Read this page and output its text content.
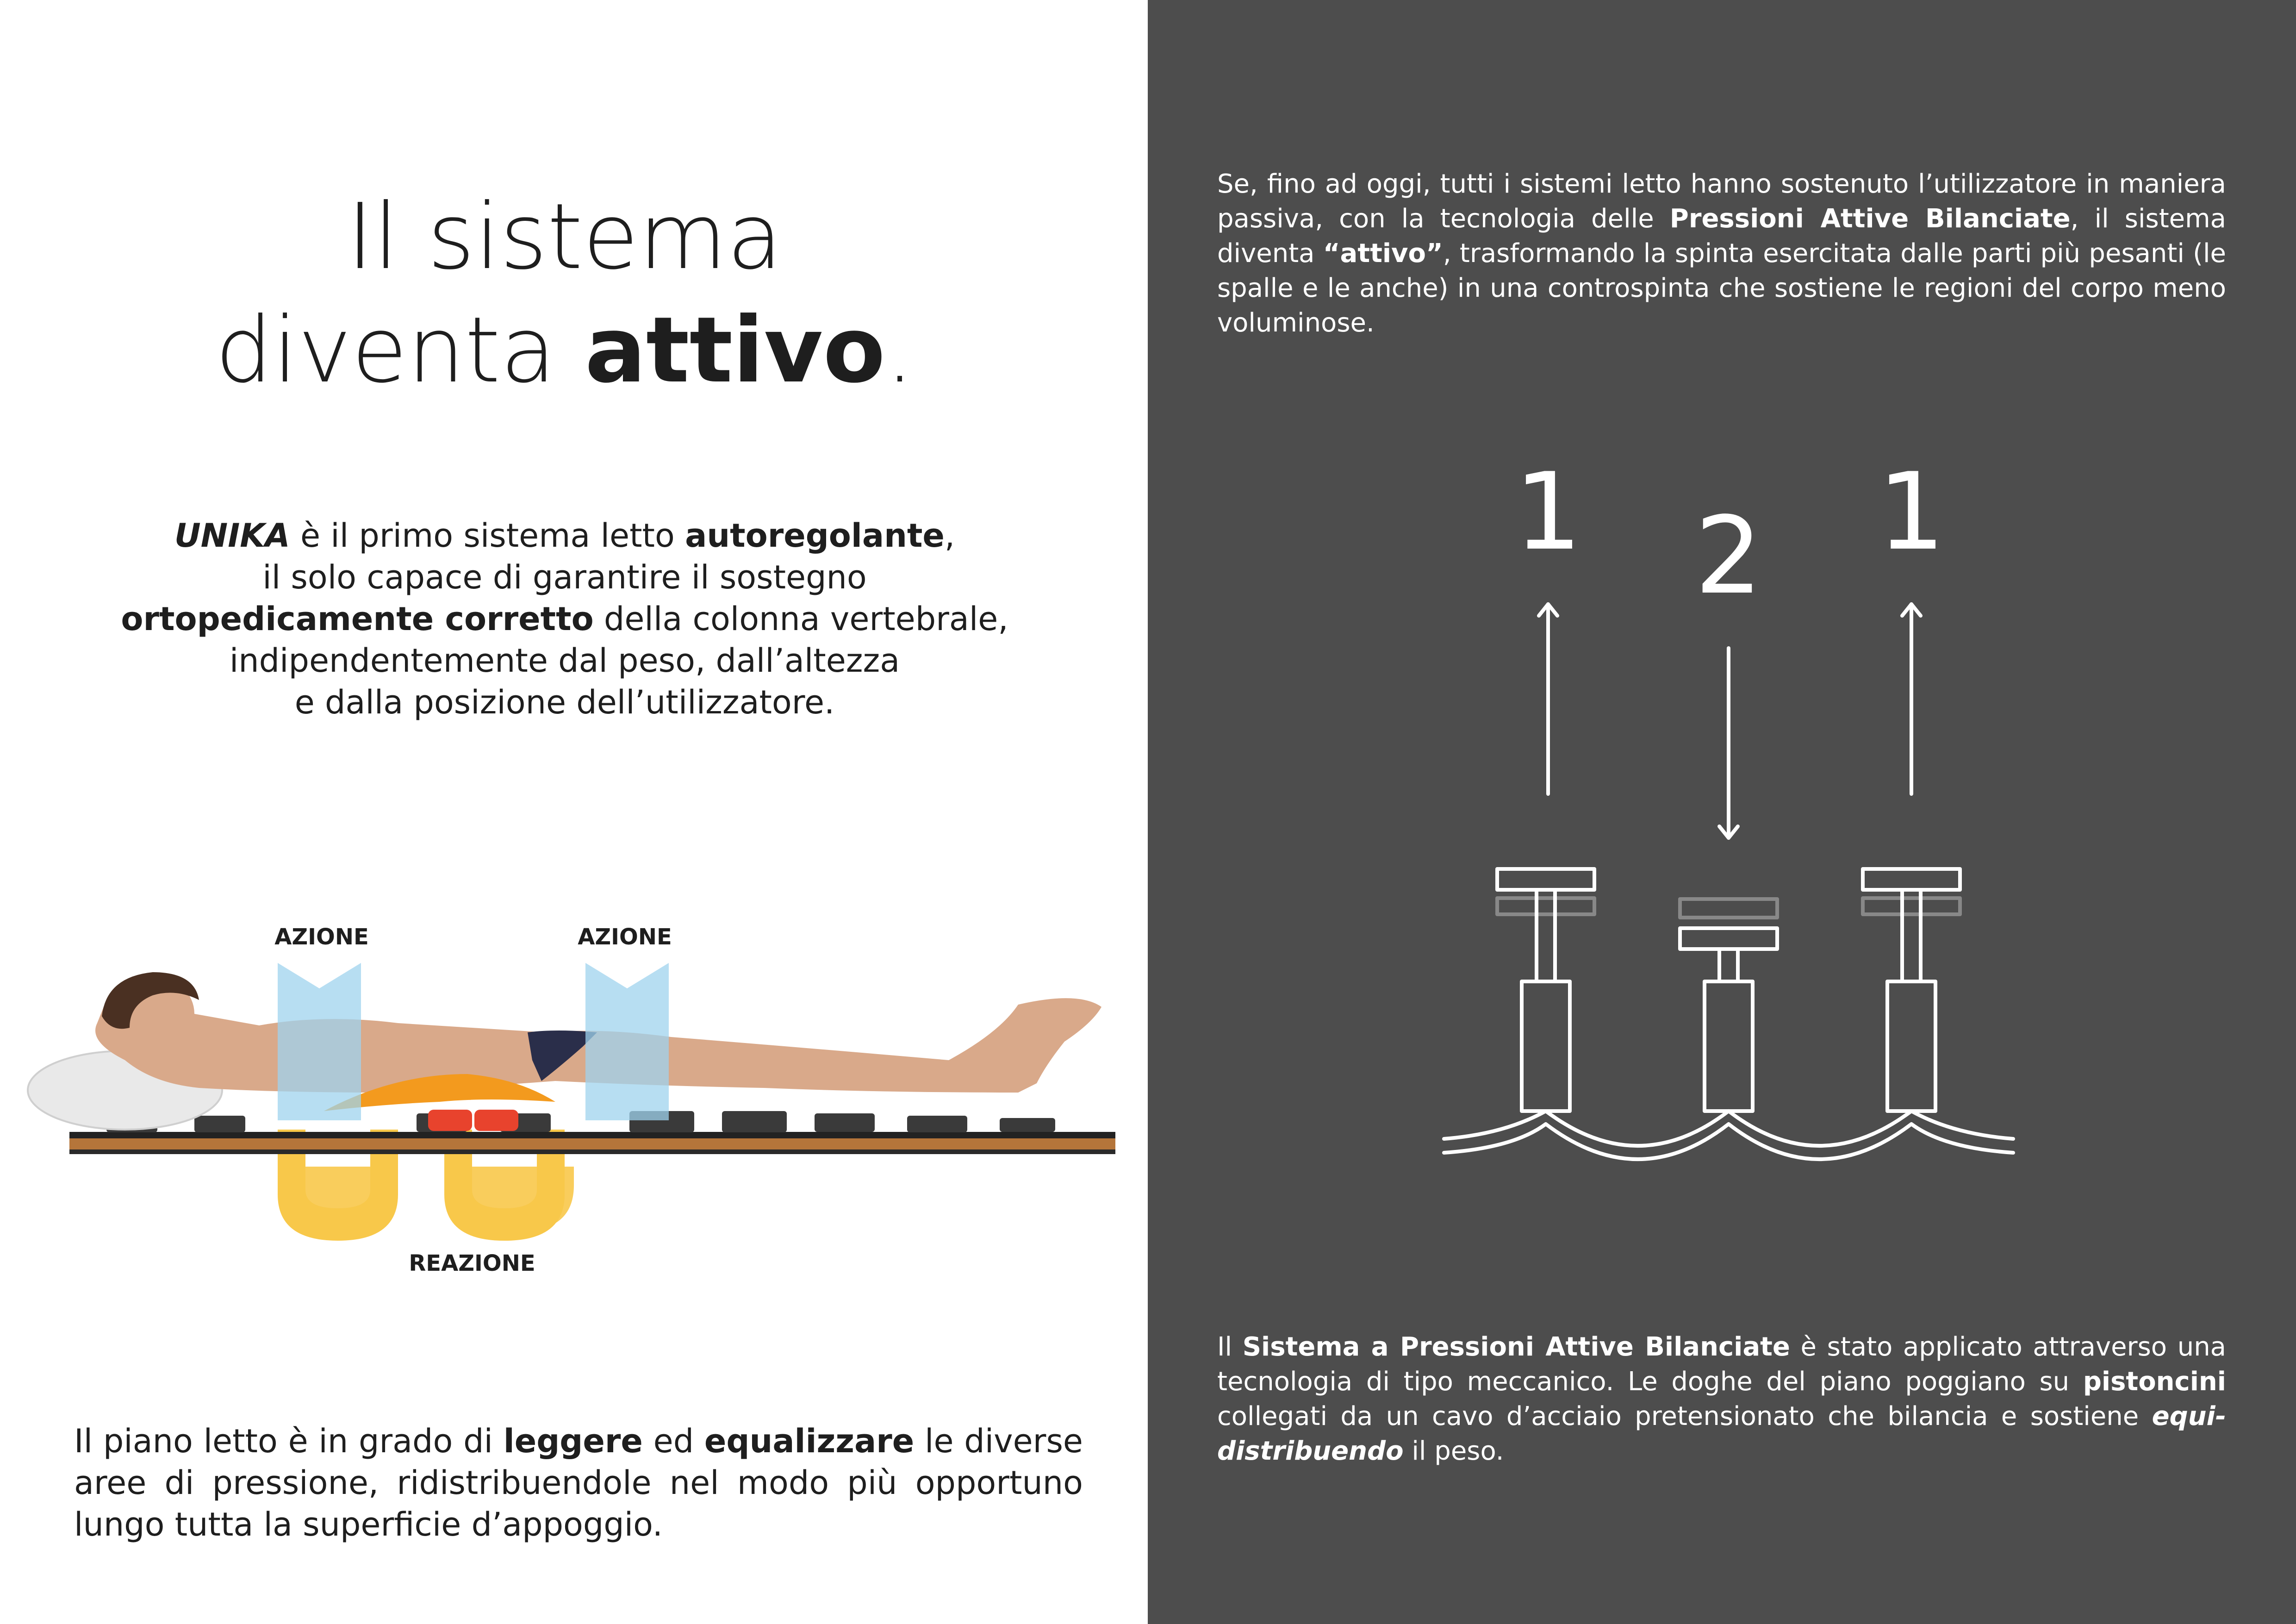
Il sistema
diventa attivo.

UNIKA è il primo sistema letto autoregolante,
il solo capace di garantire il sostegno
ortopedicamente corretto della colonna vertebrale,
indipendentemente dal peso, dall’altezza
e dalla posizione dell’utilizzatore.

AZIONE	AZIONE
REAZIONE

Il piano letto è in grado di leggere ed equalizzare le diverse aree di pressione, ridistribuendole nel modo più opportuno lungo tutta la superficie d’appoggio.

Se, fino ad oggi, tutti i sistemi letto hanno sostenuto l’utilizzatore in maniera passiva, con la tecnologia delle Pressioni Attive Bilanciate, il sistema diventa “attivo”, trasformando la spinta esercitata dalle parti più pesanti (le spalle e le anche) in una controspinta che sostiene le regioni del corpo meno voluminose.

1 2 1

Il Sistema a Pressioni Attive Bilanciate è stato applicato attraverso una tecnologia di tipo meccanico. Le doghe del piano poggiano su pistoncini collegati da un cavo d’acciaio pretensionato che bilancia e sostiene equi-distribuendo il peso.
